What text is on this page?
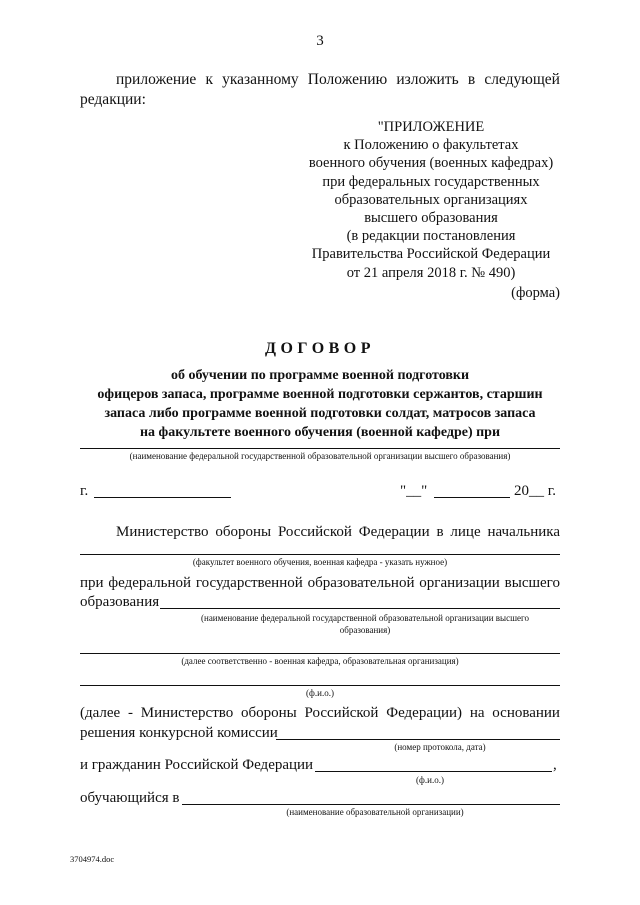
3
приложение к указанному Положению изложить в следующей
редакции:
"ПРИЛОЖЕНИЕ
к Положению о факультетах
военного обучения (военных кафедрах)
при федеральных государственных
образовательных организациях
высшего образования
(в редакции постановления
Правительства Российской Федерации
от 21 апреля 2018 г. № 490)
(форма)
ДОГОВОР
об обучении по программе военной подготовки
офицеров запаса, программе военной подготовки сержантов, старшин
запаса либо программе военной подготовки солдат, матросов запаса
на факультете военного обучения (военной кафедре) при
(наименование федеральной государственной образовательной организации высшего образования)
г.	"__"	20__ г.
Министерство обороны Российской Федерации в лице начальника
(факультет военного обучения, военная кафедра - указать нужное)
при федеральной государственной образовательной организации высшего
образования
(наименование федеральной государственной образовательной организации высшего образования)
(далее соответственно - военная кафедра, образовательная организация)
(ф.и.о.)
(далее - Министерство обороны Российской Федерации) на основании
решения конкурсной комиссии
(номер протокола, дата)
и гражданин Российской Федерации	,
(ф.и.о.)
обучающийся в
(наименование образовательной организации)
3704974.doc
